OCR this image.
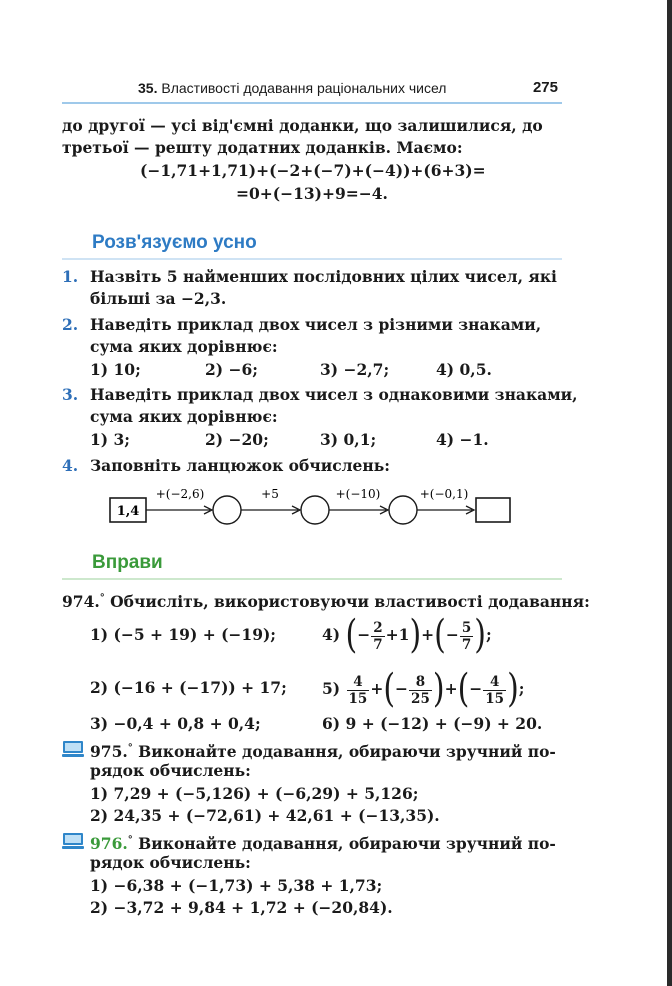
35. Властивості додавання раціональних чисел	275
до другої — усі від'ємні доданки, що залишилися, до
третьої — решту додатних доданків. Маємо:
(−1,71+1,71)+(−2+(−7)+(−4))+(6+3)=
=0+(−13)+9=−4.
Розв'язуємо усно
1. Назвіть 5 найменших послідовних цілих чисел, які
більші за −2,3.
2. Наведіть приклад двох чисел з різними знаками,
сума яких дорівнює:
1) 10;	2) −6;	3) −2,7;	4) 0,5.
3. Наведіть приклад двох чисел з однаковими знаками,
сума яких дорівнює:
1) 3;	2) −20;	3) 0,1;	4) −1.
4. Заповніть ланцюжок обчислень:
1,4
+(−2,6)	+5	+(−10)	+(−0,1)
Вправи
974.° Обчисліть, використовуючи властивості додавання:
1) (−5 + 19) + (−19);	4) (− $\frac{2}{7} +1)+(- \frac{5}{7}$ );
2) (−16 + (−17)) + 17; $5) \frac{4}{15}$ +(− $\frac{8}{25}$ )+(− $\frac{4}{15}$ );
3) −0,4 + 0,8 + 0,4;	6) 9 + (−12) + (−9) + 20.
975.° Виконайте додавання, обираючи зручний по-
рядок обчислень:
1) 7,29 + (−5,126) + (−6,29) + 5,126;
2) 24,35 + (−72,61) + 42,61 + (−13,35).
976.° Виконайте додавання, обираючи зручний по-
рядок обчислень:
1) −6,38 + (−1,73) + 5,38 + 1,73;
2) −3,72 + 9,84 + 1,72 + (−20,84).
